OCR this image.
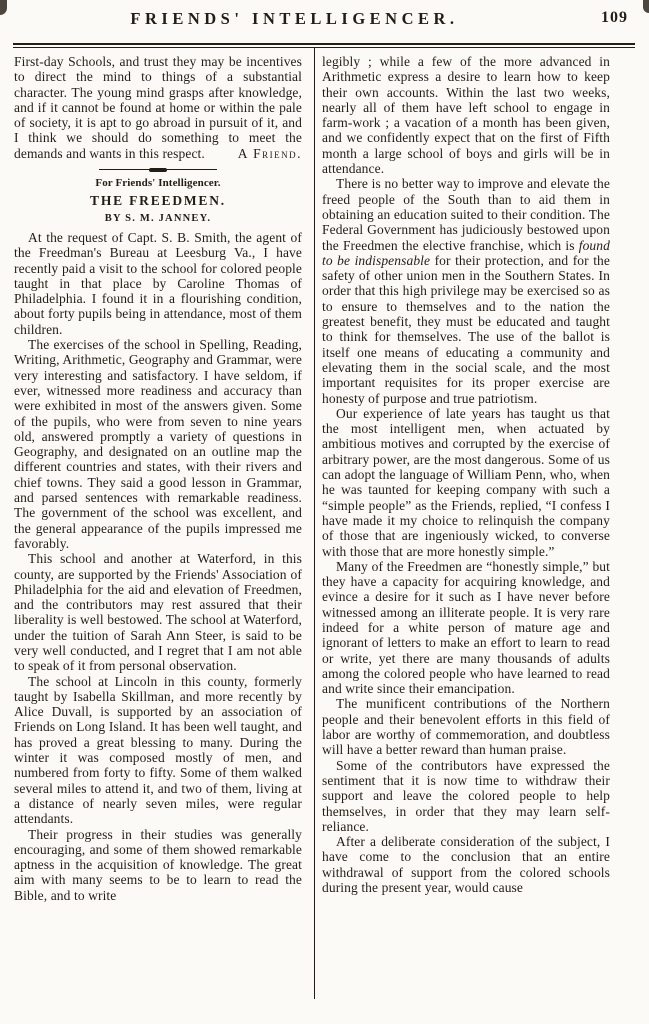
FRIENDS' INTELLIGENCER.	109

First-day Schools, and trust they may be incentives to direct the mind to things of a substantial character. The young mind grasps after knowledge, and if it cannot be found at home or within the pale of society, it is apt to go abroad in pursuit of it, and I think we should do something to meet the demands and wants in this respect. A Friend.

For Friends' Intelligencer.
THE FREEDMEN.
BY S. M. JANNEY.

At the request of Capt. S. B. Smith, the agent of the Freedman's Bureau at Leesburg Va., I have recently paid a visit to the school for colored people taught in that place by Caroline Thomas of Philadelphia. I found it in a flourishing condition, about forty pupils being in attendance, most of them children.

The exercises of the school in Spelling, Reading, Writing, Arithmetic, Geography and Grammar, were very interesting and satisfactory. I have seldom, if ever, witnessed more readiness and accuracy than were exhibited in most of the answers given. Some of the pupils, who were from seven to nine years old, answered promptly a variety of questions in Geography, and designated on an outline map the different countries and states, with their rivers and chief towns. They said a good lesson in Grammar, and parsed sentences with remarkable readiness. The government of the school was excellent, and the general appearance of the pupils impressed me favorably.

This school and another at Waterford, in this county, are supported by the Friends' Association of Philadelphia for the aid and elevation of Freedmen, and the contributors may rest assured that their liberality is well bestowed. The school at Waterford, under the tuition of Sarah Ann Steer, is said to be very well conducted, and I regret that I am not able to speak of it from personal observation.

The school at Lincoln in this county, formerly taught by Isabella Skillman, and more recently by Alice Duvall, is supported by an association of Friends on Long Island. It has been well taught, and has proved a great blessing to many. During the winter it was composed mostly of men, and numbered from forty to fifty. Some of them walked several miles to attend it, and two of them, living at a distance of nearly seven miles, were regular attendants.

Their progress in their studies was generally encouraging, and some of them showed remarkable aptness in the acquisition of knowledge. The great aim with many seems to be to learn to read the Bible, and to write

legibly ; while a few of the more advanced in Arithmetic express a desire to learn how to keep their own accounts. Within the last two weeks, nearly all of them have left school to engage in farm-work ; a vacation of a month has been given, and we confidently expect that on the first of Fifth month a large school of boys and girls will be in attendance.

There is no better way to improve and elevate the freed people of the South than to aid them in obtaining an education suited to their condition. The Federal Government has judiciously bestowed upon the Freedmen the elective franchise, which is found to be indispensable for their protection, and for the safety of other union men in the Southern States. In order that this high privilege may be exercised so as to ensure to themselves and to the nation the greatest benefit, they must be educated and taught to think for themselves. The use of the ballot is itself one means of educating a community and elevating them in the social scale, and the most important requisites for its proper exercise are honesty of purpose and true patriotism.

Our experience of late years has taught us that the most intelligent men, when actuated by ambitious motives and corrupted by the exercise of arbitrary power, are the most dangerous. Some of us can adopt the language of William Penn, who, when he was taunted for keeping company with such a “simple people” as the Friends, replied, “I confess I have made it my choice to relinquish the company of those that are ingeniously wicked, to converse with those that are more honestly simple.”

Many of the Freedmen are “honestly simple,” but they have a capacity for acquiring knowledge, and evince a desire for it such as I have never before witnessed among an illiterate people. It is very rare indeed for a white person of mature age and ignorant of letters to make an effort to learn to read or write, yet there are many thousands of adults among the colored people who have learned to read and write since their emancipation.

The munificent contributions of the Northern people and their benevolent efforts in this field of labor are worthy of commemoration, and doubtless will have a better reward than human praise.

Some of the contributors have expressed the sentiment that it is now time to withdraw their support and leave the colored people to help themselves, in order that they may learn self-reliance.

After a deliberate consideration of the subject, I have come to the conclusion that an entire withdrawal of support from the colored schools during the present year, would cause
